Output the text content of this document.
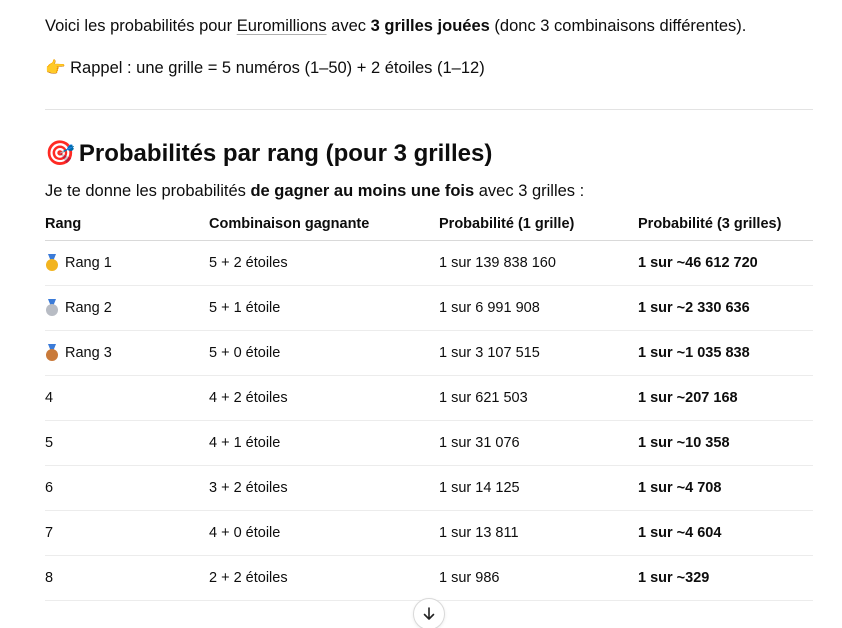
Voici les probabilités pour Euromillions avec 3 grilles jouées (donc 3 combinaisons différentes).

👉 Rappel : une grille = 5 numéros (1–50) + 2 étoiles (1–12)

🎯 Probabilités par rang (pour 3 grilles)

Je te donne les probabilités de gagner au moins une fois avec 3 grilles :

Rang	Combinaison gagnante	Probabilité (1 grille)	Probabilité (3 grilles)

Rang 1	5 + 2 étoiles	1 sur 139 838 160	1 sur ~46 612 720

Rang 2	5 + 1 étoile	1 sur 6 991 908	1 sur ~2 330 636

Rang 3	5 + 0 étoile	1 sur 3 107 515	1 sur ~1 035 838
4	4 + 2 étoiles	1 sur 621 503	1 sur ~207 168
5	4 + 1 étoile	1 sur 31 076	1 sur ~10 358
6	3 + 2 étoiles	1 sur 14 125	1 sur ~4 708
7	4 + 0 étoile	1 sur 13 811	1 sur ~4 604
8	2 + 2 étoiles	1 sur 986	1 sur ~329
